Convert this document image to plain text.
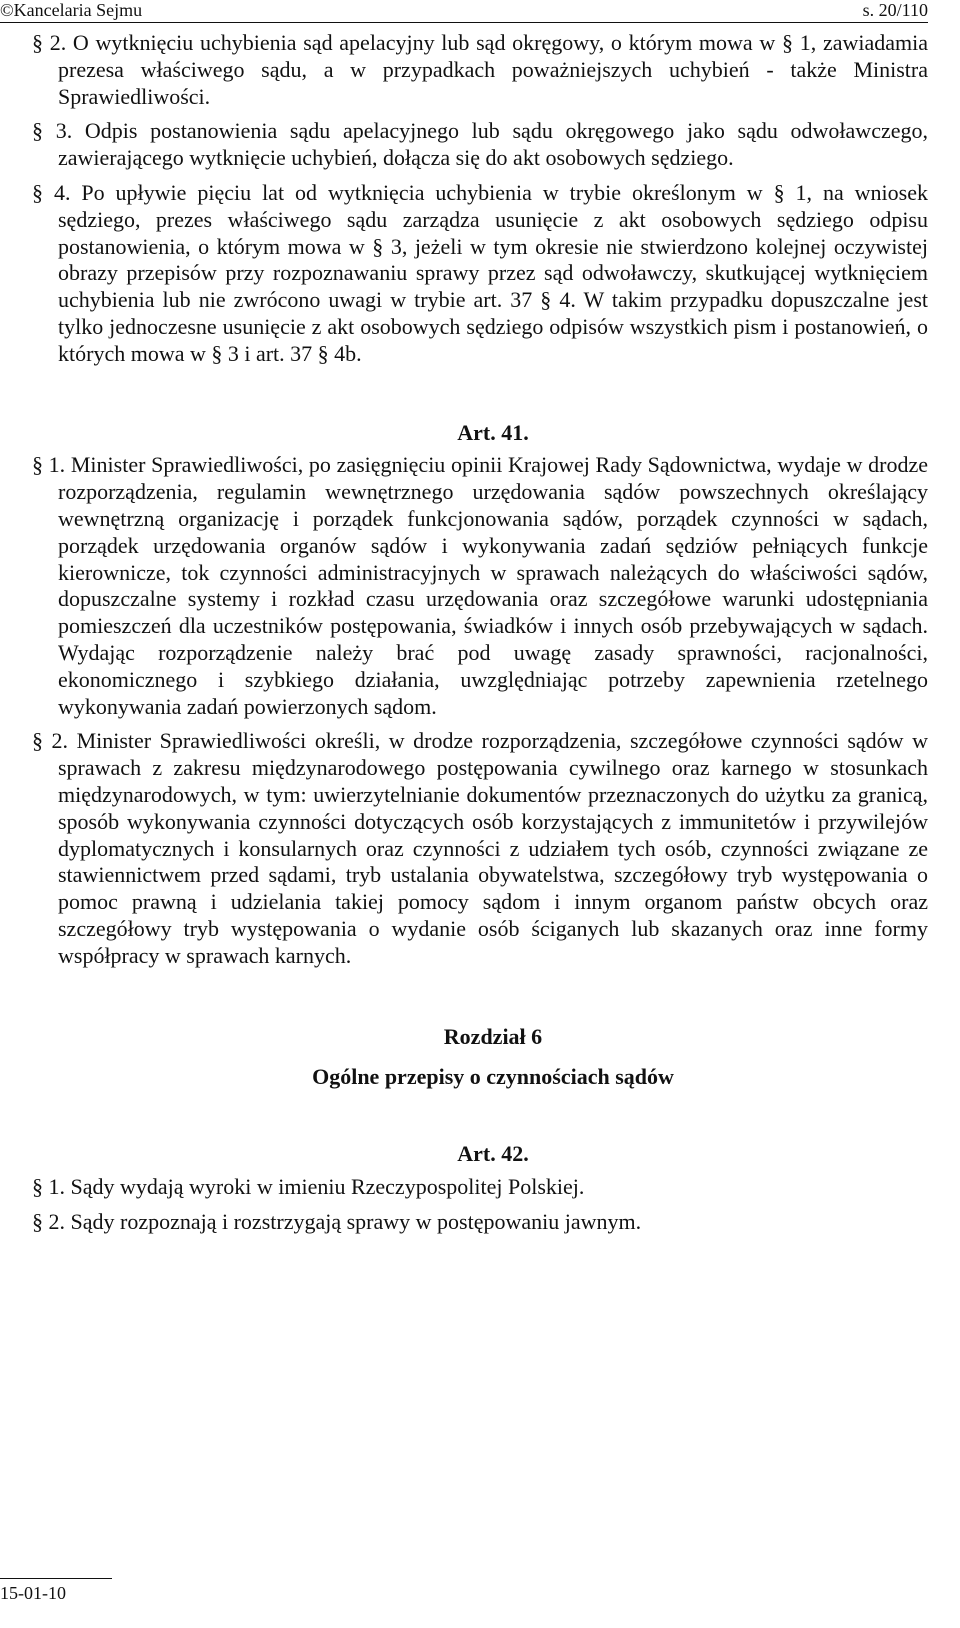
©Kancelaria Sejmu	s. 20/110

§ 2. O wytknięciu uchybienia sąd apelacyjny lub sąd okręgowy, o którym mowa w § 1, zawiadamia prezesa właściwego sądu, a w przypadkach poważniejszych uchybień - także Ministra Sprawiedliwości.

§ 3. Odpis postanowienia sądu apelacyjnego lub sądu okręgowego jako sądu odwoławczego, zawierającego wytknięcie uchybień, dołącza się do akt osobowych sędziego.

§ 4. Po upływie pięciu lat od wytknięcia uchybienia w trybie określonym w § 1, na wniosek sędziego, prezes właściwego sądu zarządza usunięcie z akt osobowych sędziego odpisu postanowienia, o którym mowa w § 3, jeżeli w tym okresie nie stwierdzono kolejnej oczywistej obrazy przepisów przy rozpoznawaniu sprawy przez sąd odwoławczy, skutkującej wytknięciem uchybienia lub nie zwrócono uwagi w trybie art. 37 § 4. W takim przypadku dopuszczalne jest tylko jednoczesne usunięcie z akt osobowych sędziego odpisów wszystkich pism i postanowień, o których mowa w § 3 i art. 37 § 4b.

Art. 41.

§ 1. Minister Sprawiedliwości, po zasięgnięciu opinii Krajowej Rady Sądownictwa, wydaje w drodze rozporządzenia, regulamin wewnętrznego urzędowania sądów powszechnych określający wewnętrzną organizację i porządek funkcjonowania sądów, porządek czynności w sądach, porządek urzędowania organów sądów i wykonywania zadań sędziów pełniących funkcje kierownicze, tok czynności administracyjnych w sprawach należących do właściwości sądów, dopuszczalne systemy i rozkład czasu urzędowania oraz szczegółowe warunki udostępniania pomieszczeń dla uczestników postępowania, świadków i innych osób przebywających w sądach. Wydając rozporządzenie należy brać pod uwagę zasady sprawności, racjonalności, ekonomicznego i szybkiego działania, uwzględniając potrzeby zapewnienia rzetelnego wykonywania zadań powierzonych sądom.

§ 2. Minister Sprawiedliwości określi, w drodze rozporządzenia, szczegółowe czynności sądów w sprawach z zakresu międzynarodowego postępowania cywilnego oraz karnego w stosunkach międzynarodowych, w tym: uwierzytelnianie dokumentów przeznaczonych do użytku za granicą, sposób wykonywania czynności dotyczących osób korzystających z immunitetów i przywilejów dyplomatycznych i konsularnych oraz czynności z udziałem tych osób, czynności związane ze stawiennictwem przed sądami, tryb ustalania obywatelstwa, szczegółowy tryb występowania o pomoc prawną i udzielania takiej pomocy sądom i innym organom państw obcych oraz szczegółowy tryb występowania o wydanie osób ściganych lub skazanych oraz inne formy współpracy w sprawach karnych.

Rozdział 6

Ogólne przepisy o czynnościach sądów

Art. 42.

§ 1. Sądy wydają wyroki w imieniu Rzeczypospolitej Polskiej.

§ 2. Sądy rozpoznają i rozstrzygają sprawy w postępowaniu jawnym.

15-01-10
